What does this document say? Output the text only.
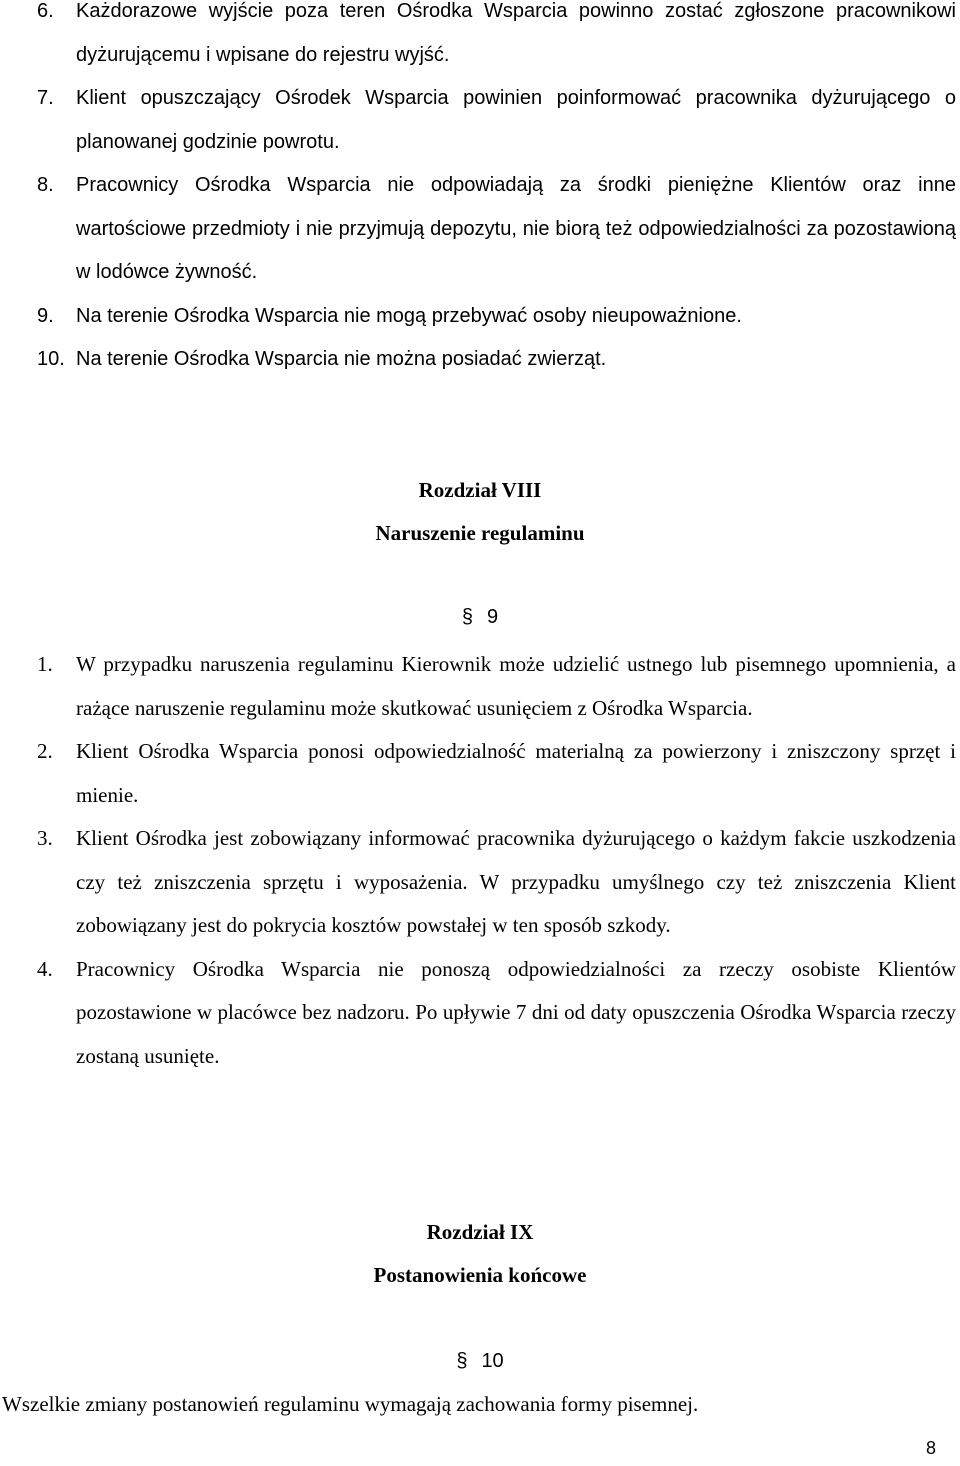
6. Każdorazowe wyjście poza teren Ośrodka Wsparcia powinno zostać zgłoszone pracownikowi dyżurującemu i wpisane do rejestru wyjść.
7. Klient opuszczający Ośrodek Wsparcia powinien poinformować pracownika dyżurującego o planowanej godzinie powrotu.
8. Pracownicy Ośrodka Wsparcia nie odpowiadają za środki pieniężne Klientów oraz inne wartościowe przedmioty i nie przyjmują depozytu, nie biorą też odpowiedzialności za pozostawioną w lodówce żywność.
9. Na terenie Ośrodka Wsparcia nie mogą przebywać osoby nieupoważnione.
10. Na terenie Ośrodka Wsparcia nie można posiadać zwierząt.
Rozdział VIII
Naruszenie regulaminu
§ 9
1. W przypadku naruszenia regulaminu Kierownik może udzielić ustnego lub pisemnego upomnienia, a rażące naruszenie regulaminu może skutkować usunięciem z Ośrodka Wsparcia.
2. Klient Ośrodka Wsparcia ponosi odpowiedzialność materialną za powierzony i zniszczony sprzęt i mienie.
3. Klient Ośrodka jest zobowiązany informować pracownika dyżurującego o każdym fakcie uszkodzenia czy też zniszczenia sprzętu i wyposażenia. W przypadku umyślnego czy też zniszczenia Klient zobowiązany jest do pokrycia kosztów powstałej w ten sposób szkody.
4. Pracownicy Ośrodka Wsparcia nie ponoszą odpowiedzialności za rzeczy osobiste Klientów pozostawione w placówce bez nadzoru. Po upływie 7 dni od daty opuszczenia Ośrodka Wsparcia rzeczy zostaną usunięte.
Rozdział IX
Postanowienia końcowe
§ 10
Wszelkie zmiany postanowień regulaminu wymagają zachowania formy pisemnej.
8
